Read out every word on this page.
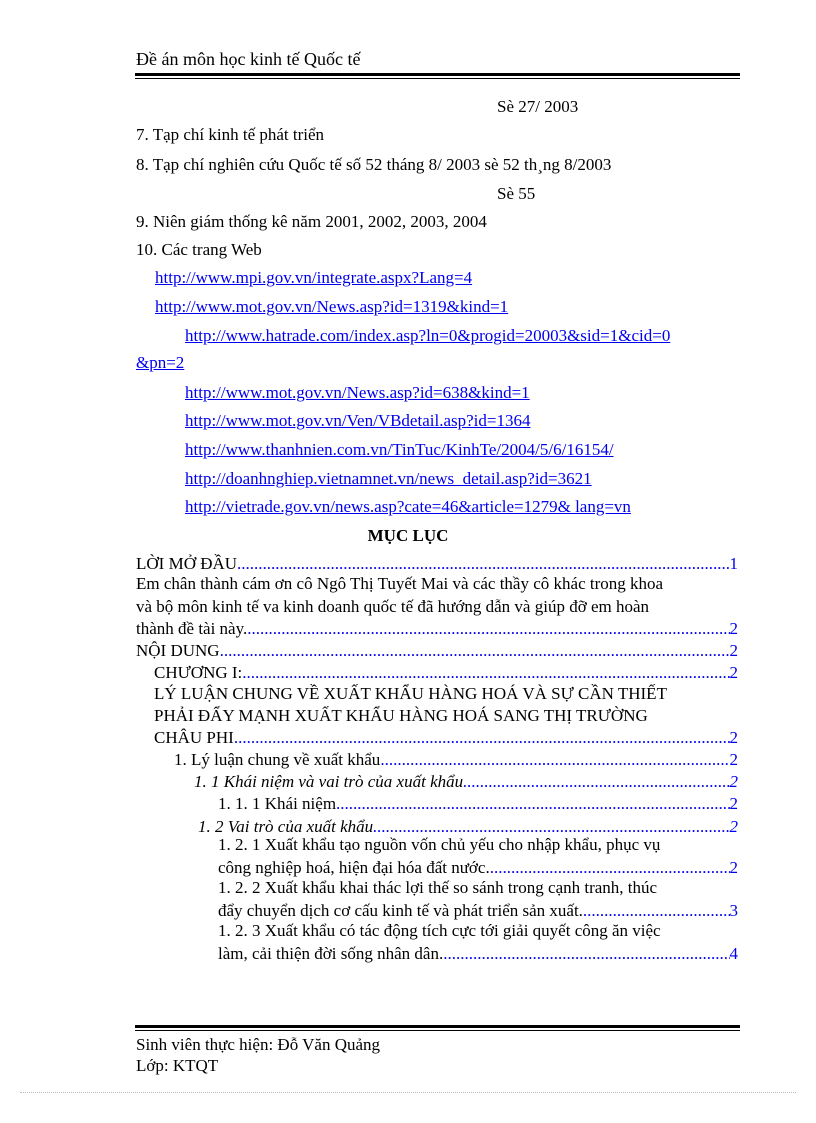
Đề án môn học kinh tế Quốc tế
Sè 27/ 2003
7. Tạp chí kinh tế phát triển
8. Tạp chí nghiên cứu Quốc tế số 52 tháng 8/ 2003 sè 52 th¸ng 8/2003
Sè 55
9. Niên giám thống kê năm 2001, 2002, 2003, 2004
10. Các trang Web
http://www.mpi.gov.vn/integrate.aspx?Lang=4
http://www.mot.gov.vn/News.asp?id=1319&kind=1
http://www.hatrade.com/index.asp?ln=0&progid=20003&sid=1&cid=0
&pn=2
http://www.mot.gov.vn/News.asp?id=638&kind=1
http://www.mot.gov.vn/Ven/VBdetail.asp?id=1364
http://www.thanhnien.com.vn/TinTuc/KinhTe/2004/5/6/16154/
http://doanhnghiep.vietnamnet.vn/news_detail.asp?id=3621
http://vietrade.gov.vn/news.asp?cate=46&article=1279& lang=vn
MỤC LỤC
LỜI MỞ ĐẦU .....	1
Em chân thành cám ơn cô Ngô Thị Tuyết Mai và các thầy cô khác trong khoa
và bộ môn kinh tế va kinh doanh quốc tế đã hướng dẫn và giúp đỡ em hoàn
thành đề tài này. .....	2
NỘI DUNG .....	2
CHƯƠNG I: .....	2
LÝ LUẬN CHUNG VỀ XUẤT KHẨU HÀNG HOÁ VÀ SỰ CẦN THIẾT
PHẢI ĐẨY MẠNH XUẤT KHẨU HÀNG HOÁ SANG THỊ TRƯỜNG
CHÂU PHI .....	2
1. Lý luận chung về xuất khẩu .....	2
1. 1 Khái niệm và vai trò của xuất khẩu .....	2
1. 1. 1 Khái niệm .....	2
1. 2 Vai trò của xuất khẩu .....	2
1. 2. 1 Xuất khẩu tạo nguồn vốn chủ yếu cho nhập khẩu, phục vụ
công nghiệp hoá, hiện đại hóa đất nước. .....	2
1. 2. 2 Xuất khẩu khai thác lợi thế so sánh trong cạnh tranh, thúc
đẩy chuyển dịch cơ cấu kinh tế và phát triển sản xuất. .....	3
1. 2. 3 Xuất khẩu có tác động tích cực tới giải quyết công ăn việc
làm, cải thiện đời sống nhân dân. .....	4
Sinh viên thực hiện: Đỗ Văn Quảng
Lớp: KTQT
